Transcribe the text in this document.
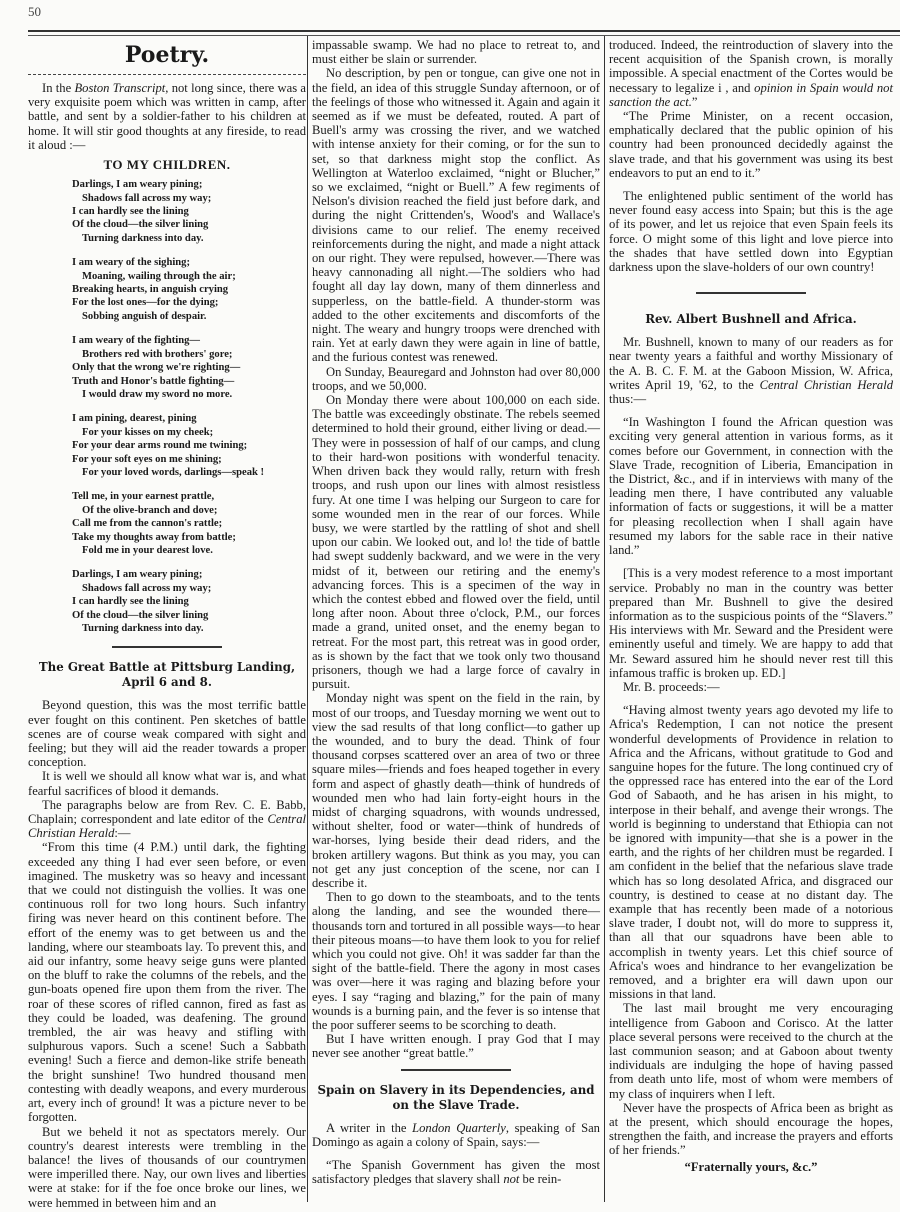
50
Poetry.

In the Boston Transcript, not long since, there was a very exquisite poem which was written in camp, after battle, and sent by a soldier-father to his children at home. It will stir good thoughts at any fireside, to read it aloud :—

TO MY CHILDREN.
Darlings, I am weary pining;
Shadows fall across my way;
I can hardly see the lining
Of the cloud—the silver lining
Turning darkness into day.
I am weary of the sighing;
Moaning, wailing through the air;
Breaking hearts, in anguish crying
For the lost ones—for the dying;
Sobbing anguish of despair.
I am weary of the fighting—
Brothers red with brothers' gore;
Only that the wrong we're righting—
Truth and Honor's battle fighting—
I would draw my sword no more.
I am pining, dearest, pining
For your kisses on my cheek;
For your dear arms round me twining;
For your soft eyes on me shining;
For your loved words, darlings—speak !
Tell me, in your earnest prattle,
Of the olive-branch and dove;
Call me from the cannon's rattle;
Take my thoughts away from battle;
Fold me in your dearest love.
Darlings, I am weary pining;
Shadows fall across my way;
I can hardly see the lining
Of the cloud—the silver lining
Turning darkness into day.
The Great Battle at Pittsburg Landing, April 6 and 8.

Beyond question, this was the most terrific battle ever fought on this continent. Pen sketches of battle scenes are of course weak compared with sight and feeling; but they will aid the reader towards a proper conception.

It is well we should all know what war is, and what fearful sacrifices of blood it demands.

The paragraphs below are from Rev. C. E. Babb, Chaplain; correspondent and late editor of the Central Christian Herald:—

“From this time (4 P.M.) until dark, the fighting exceeded any thing I had ever seen before, or even imagined. The musketry was so heavy and incessant that we could not distinguish the vollies. It was one continuous roll for two long hours. Such infantry firing was never heard on this continent before. The effort of the enemy was to get between us and the landing, where our steamboats lay. To prevent this, and aid our infantry, some heavy seige guns were planted on the bluff to rake the columns of the rebels, and the gun-boats opened fire upon them from the river. The roar of these scores of rifled cannon, fired as fast as they could be loaded, was deafening. The ground trembled, the air was heavy and stifling with sulphurous vapors. Such a scene! Such a Sabbath evening! Such a fierce and demon-like strife beneath the bright sunshine! Two hundred thousand men contesting with deadly weapons, and every murderous art, every inch of ground! It was a picture never to be forgotten.

But we beheld it not as spectators merely. Our country's dearest interests were trembling in the balance! the lives of thousands of our countrymen were imperilled there. Nay, our own lives and liberties were at stake: for if the foe once broke our lines, we were hemmed in between him and an

impassable swamp. We had no place to retreat to, and must either be slain or surrender.

No description, by pen or tongue, can give one not in the field, an idea of this struggle Sunday afternoon, or of the feelings of those who witnessed it. Again and again it seemed as if we must be defeated, routed. A part of Buell's army was crossing the river, and we watched with intense anxiety for their coming, or for the sun to set, so that darkness might stop the conflict. As Wellington at Waterloo exclaimed, “night or Blucher,” so we exclaimed, “night or Buell.” A few regiments of Nelson's division reached the field just before dark, and during the night Crittenden's, Wood's and Wallace's divisions came to our relief. The enemy received reinforcements during the night, and made a night attack on our right. They were repulsed, however.—There was heavy cannonading all night.—The soldiers who had fought all day lay down, many of them dinnerless and supperless, on the battle-field. A thunder-storm was added to the other excitements and discomforts of the night. The weary and hungry troops were drenched with rain. Yet at early dawn they were again in line of battle, and the furious contest was renewed.

On Sunday, Beauregard and Johnston had over 80,000 troops, and we 50,000.

On Monday there were about 100,000 on each side. The battle was exceedingly obstinate. The rebels seemed determined to hold their ground, either living or dead.—They were in possession of half of our camps, and clung to their hard-won positions with wonderful tenacity. When driven back they would rally, return with fresh troops, and rush upon our lines with almost resistless fury. At one time I was helping our Surgeon to care for some wounded men in the rear of our forces. While busy, we were startled by the rattling of shot and shell upon our cabin. We looked out, and lo! the tide of battle had swept suddenly backward, and we were in the very midst of it, between our retiring and the enemy's advancing forces. This is a specimen of the way in which the contest ebbed and flowed over the field, until long after noon. About three o'clock, P.M., our forces made a grand, united onset, and the enemy began to retreat. For the most part, this retreat was in good order, as is shown by the fact that we took only two thousand prisoners, though we had a large force of cavalry in pursuit.

Monday night was spent on the field in the rain, by most of our troops, and Tuesday morning we went out to view the sad results of that long conflict—to gather up the wounded, and to bury the dead. Think of four thousand corpses scattered over an area of two or three square miles—friends and foes heaped together in every form and aspect of ghastly death—think of hundreds of wounded men who had lain forty-eight hours in the midst of charging squadrons, with wounds undressed, without shelter, food or water—think of hundreds of war-horses, lying beside their dead riders, and the broken artillery wagons. But think as you may, you can not get any just conception of the scene, nor can I describe it.

Then to go down to the steamboats, and to the tents along the landing, and see the wounded there—thousands torn and tortured in all possible ways—to hear their piteous moans—to have them look to you for relief which you could not give. Oh! it was sadder far than the sight of the battle-field. There the agony in most cases was over—here it was raging and blazing before your eyes. I say “raging and blazing,” for the pain of many wounds is a burning pain, and the fever is so intense that the poor sufferer seems to be scorching to death.

But I have written enough. I pray God that I may never see another “great battle.”

Spain on Slavery in its Dependencies, and on the Slave Trade.

A writer in the London Quarterly, speaking of San Domingo as again a colony of Spain, says:—

“The Spanish Government has given the most satisfactory pledges that slavery shall not be rein-

troduced. Indeed, the reintroduction of slavery into the recent acquisition of the Spanish crown, is morally impossible. A special enactment of the Cortes would be necessary to legalize i , and opinion in Spain would not sanction the act.”

“The Prime Minister, on a recent occasion, emphatically declared that the public opinion of his country had been pronounced decidedly against the slave trade, and that his government was using its best endeavors to put an end to it.”

The enlightened public sentiment of the world has never found easy access into Spain; but this is the age of its power, and let us rejoice that even Spain feels its force. O might some of this light and love pierce into the shades that have settled down into Egyptian darkness upon the slave-holders of our own country!

Rev. Albert Bushnell and Africa.

Mr. Bushnell, known to many of our readers as for near twenty years a faithful and worthy Missionary of the A. B. C. F. M. at the Gaboon Mission, W. Africa, writes April 19, '62, to the Central Christian Herald thus:—

“In Washington I found the African question was exciting very general attention in various forms, as it comes before our Government, in connection with the Slave Trade, recognition of Liberia, Emancipation in the District, &c., and if in interviews with many of the leading men there, I have contributed any valuable information of facts or suggestions, it will be a matter for pleasing recollection when I shall again have resumed my labors for the sable race in their native land.”

[This is a very modest reference to a most important service. Probably no man in the country was better prepared than Mr. Bushnell to give the desired information as to the suspicious points of the “Slavers.” His interviews with Mr. Seward and the President were eminently useful and timely. We are happy to add that Mr. Seward assured him he should never rest till this infamous traffic is broken up. ED.]

Mr. B. proceeds:—

“Having almost twenty years ago devoted my life to Africa's Redemption, I can not notice the present wonderful developments of Providence in relation to Africa and the Africans, without gratitude to God and sanguine hopes for the future. The long continued cry of the oppressed race has entered into the ear of the Lord God of Sabaoth, and he has arisen in his might, to interpose in their behalf, and avenge their wrongs. The world is beginning to understand that Ethiopia can not be ignored with impunity—that she is a power in the earth, and the rights of her children must be regarded. I am confident in the belief that the nefarious slave trade which has so long desolated Africa, and disgraced our country, is destined to cease at no distant day. The example that has recently been made of a notorious slave trader, I doubt not, will do more to suppress it, than all that our squadrons have been able to accomplish in twenty years. Let this chief source of Africa's woes and hindrance to her evangelization be removed, and a brighter era will dawn upon our missions in that land.

The last mail brought me very encouraging intelligence from Gaboon and Corisco. At the latter place several persons were received to the church at the last communion season; and at Gaboon about twenty individuals are indulging the hope of having passed from death unto life, most of whom were members of my class of inquirers when I left.

Never have the prospects of Africa been as bright as at the present, which should encourage the hopes, strengthen the faith, and increase the prayers and efforts of her friends.”

“Fraternally yours, &c.”
